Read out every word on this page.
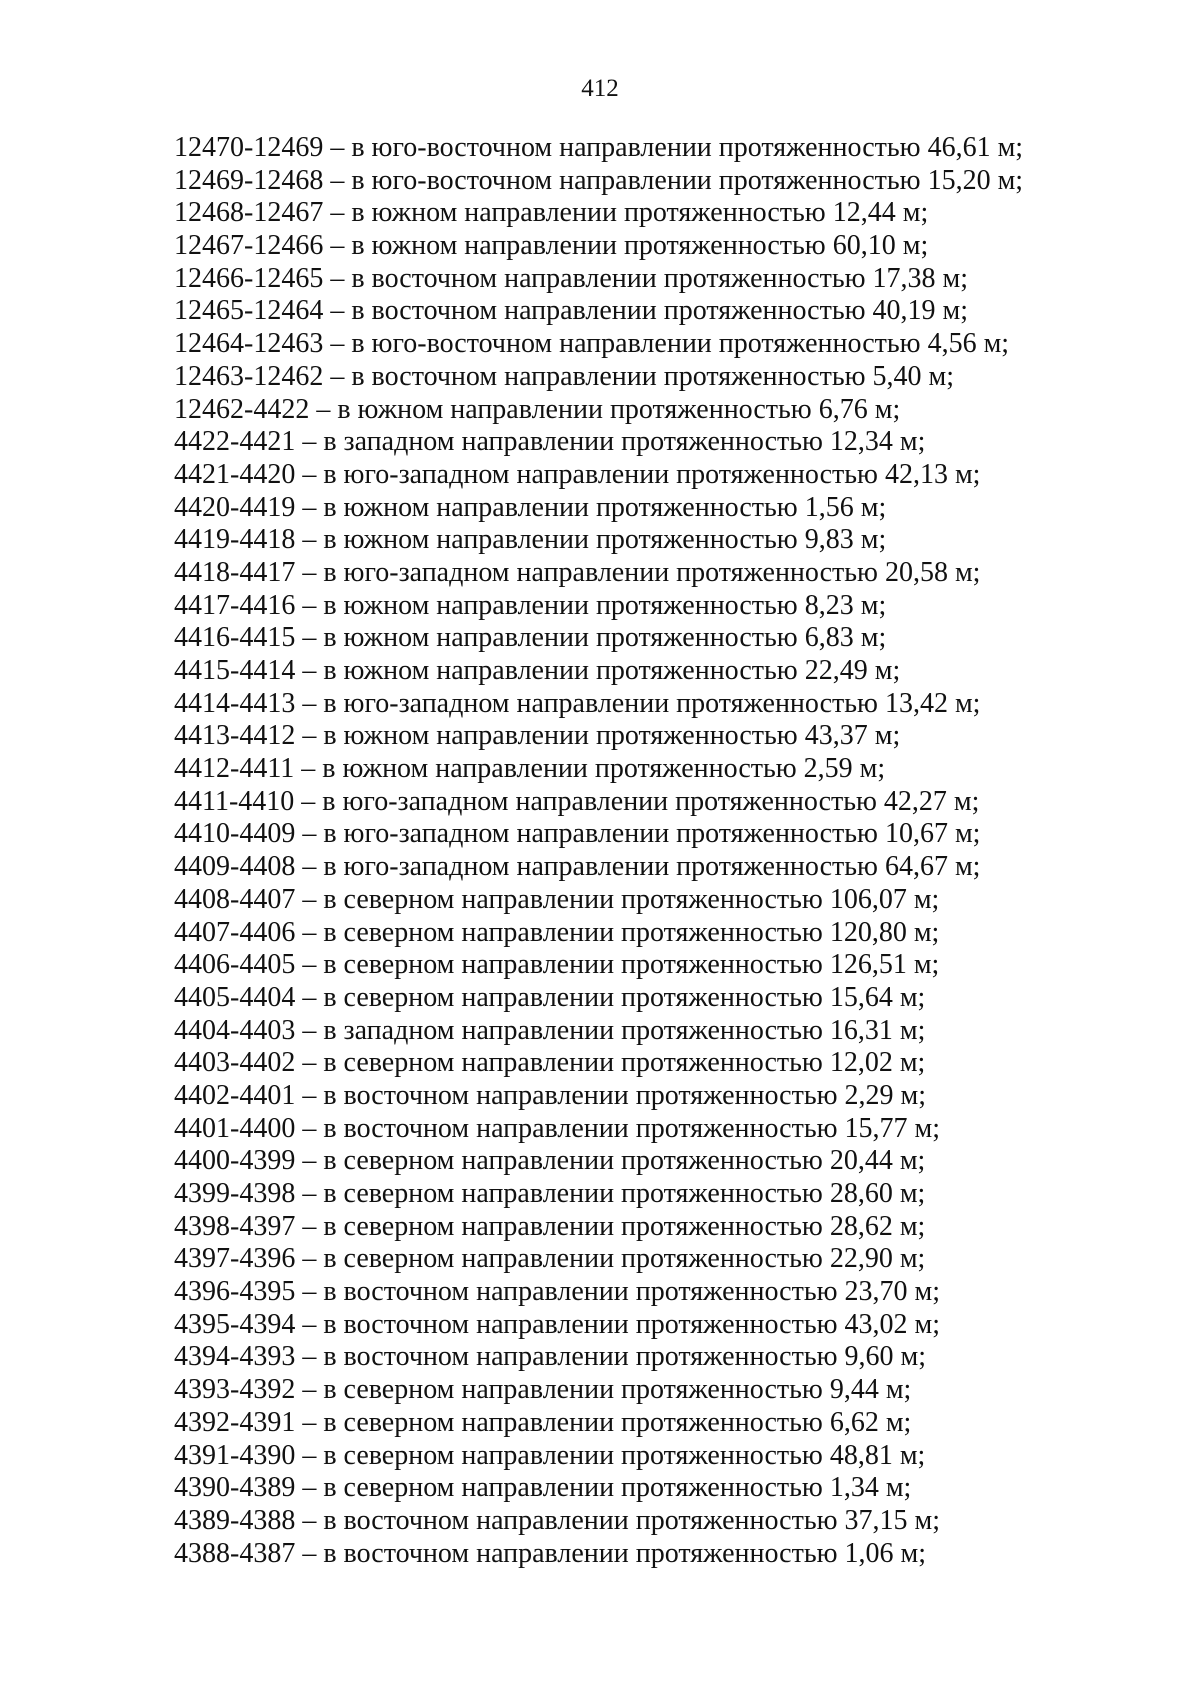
412
12470-12469 – в юго-восточном направлении протяженностью 46,61 м;
12469-12468 – в юго-восточном направлении протяженностью 15,20 м;
12468-12467 – в южном направлении протяженностью 12,44 м;
12467-12466 – в южном направлении протяженностью 60,10 м;
12466-12465 – в восточном направлении протяженностью 17,38 м;
12465-12464 – в восточном направлении протяженностью 40,19 м;
12464-12463 – в юго-восточном направлении протяженностью 4,56 м;
12463-12462 – в восточном направлении протяженностью 5,40 м;
12462-4422 – в южном направлении протяженностью 6,76 м;
4422-4421 – в западном направлении протяженностью 12,34 м;
4421-4420 – в юго-западном направлении протяженностью 42,13 м;
4420-4419 – в южном направлении протяженностью 1,56 м;
4419-4418 – в южном направлении протяженностью 9,83 м;
4418-4417 – в юго-западном направлении протяженностью 20,58 м;
4417-4416 – в южном направлении протяженностью 8,23 м;
4416-4415 – в южном направлении протяженностью 6,83 м;
4415-4414 – в южном направлении протяженностью 22,49 м;
4414-4413 – в юго-западном направлении протяженностью 13,42 м;
4413-4412 – в южном направлении протяженностью 43,37 м;
4412-4411 – в южном направлении протяженностью 2,59 м;
4411-4410 – в юго-западном направлении протяженностью 42,27 м;
4410-4409 – в юго-западном направлении протяженностью 10,67 м;
4409-4408 – в юго-западном направлении протяженностью 64,67 м;
4408-4407 – в северном направлении протяженностью 106,07 м;
4407-4406 – в северном направлении протяженностью 120,80 м;
4406-4405 – в северном направлении протяженностью 126,51 м;
4405-4404 – в северном направлении протяженностью 15,64 м;
4404-4403 – в западном направлении протяженностью 16,31 м;
4403-4402 – в северном направлении протяженностью 12,02 м;
4402-4401 – в восточном направлении протяженностью 2,29 м;
4401-4400 – в восточном направлении протяженностью 15,77 м;
4400-4399 – в северном направлении протяженностью 20,44 м;
4399-4398 – в северном направлении протяженностью 28,60 м;
4398-4397 – в северном направлении протяженностью 28,62 м;
4397-4396 – в северном направлении протяженностью 22,90 м;
4396-4395 – в восточном направлении протяженностью 23,70 м;
4395-4394 – в восточном направлении протяженностью 43,02 м;
4394-4393 – в восточном направлении протяженностью 9,60 м;
4393-4392 – в северном направлении протяженностью 9,44 м;
4392-4391 – в северном направлении протяженностью 6,62 м;
4391-4390 – в северном направлении протяженностью 48,81 м;
4390-4389 – в северном направлении протяженностью 1,34 м;
4389-4388 – в восточном направлении протяженностью 37,15 м;
4388-4387 – в восточном направлении протяженностью 1,06 м;
